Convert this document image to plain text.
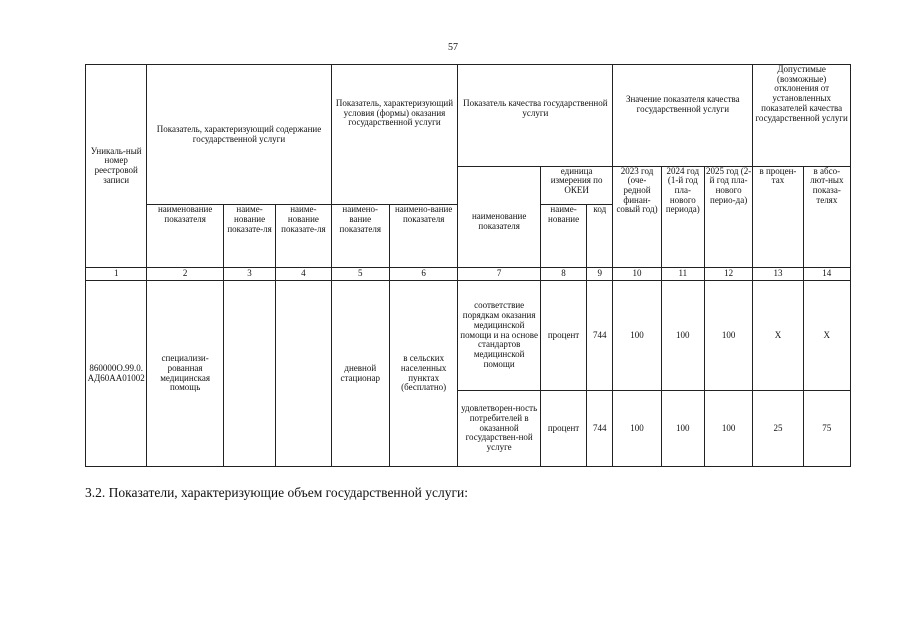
57
Уникаль-ный номер реестровой записи	Показатель, характеризующий содержание государственной услуги			Показатель, характеризующий условия (формы) оказания государственной услуги		Показатель качества государственной услуги			Значение показателя качества государственной услуги			Допустимые (возможные) отклонения от установленных показателей качества государственной услуги	
						наименование показателя	единица измерения по ОКЕИ		2023 год (оче-редной финан-совый год)	2024 год (1-й год пла-нового периода)	2025 год (2-й год пла-нового перио-да)	в процен-тах	в абсо-лют-ных показа-телях
	наименование показателя	наиме-нование показате-ля	наиме-нование показате-ля	наимено-вание показателя	наимено-вание показателя		наиме-нование	код					
1	2	3	4	5	6	7	8	9	10	11	12	13	14
860000О.99.0.АД60АА01002	специализи-рованная медицинская помощь			дневной стационар	в сельских населенных пунктах (бесплатно)	соответствие порядкам оказания медицинской помощи и на основе стандартов медицинской помощи	процент	744	100	100	100	X	X
						удовлетворен-ность потребителей в оказанной государствен-ной услуге	процент	744	100	100	100	25	75
3.2. Показатели, характеризующие объем государственной услуги:
